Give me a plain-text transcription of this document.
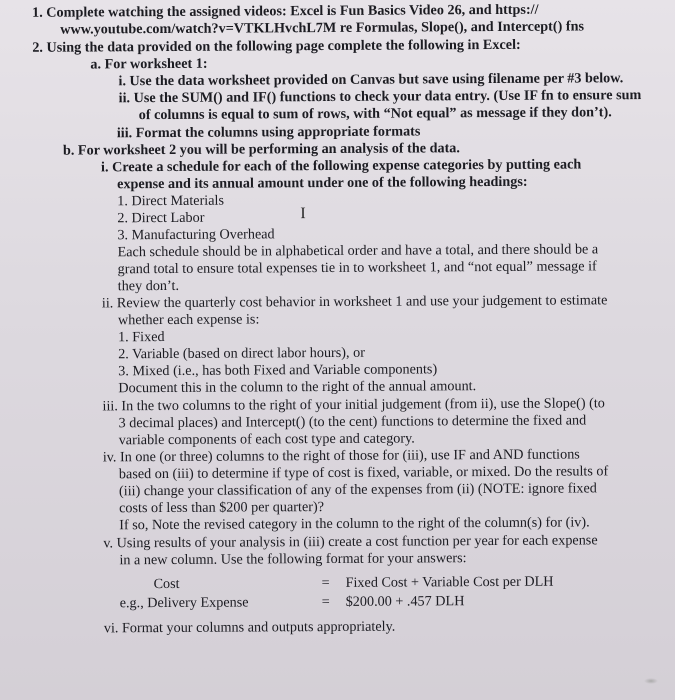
1. Complete watching the assigned videos: Excel is Fun Basics Video 26, and https://
www.youtube.com/watch?v=VTKLHvchL7M re Formulas, Slope(), and Intercept() fns
2. Using the data provided on the following page complete the following in Excel:
a. For worksheet 1:
i. Use the data worksheet provided on Canvas but save using filename per #3 below.
ii. Use the SUM() and IF() functions to check your data entry. (Use IF fn to ensure sum
of columns is equal to sum of rows, with “Not equal” as message if they don’t).
iii. Format the columns using appropriate formats
b. For worksheet 2 you will be performing an analysis of the data.
i. Create a schedule for each of the following expense categories by putting each
expense and its annual amount under one of the following headings:
1. Direct Materials
2. Direct Labor
3. Manufacturing Overhead
Each schedule should be in alphabetical order and have a total, and there should be a
grand total to ensure total expenses tie in to worksheet 1, and “not equal” message if
they don’t.
ii. Review the quarterly cost behavior in worksheet 1 and use your judgement to estimate
whether each expense is:
1. Fixed
2. Variable (based on direct labor hours), or
3. Mixed (i.e., has both Fixed and Variable components)
Document this in the column to the right of the annual amount.
iii. In the two columns to the right of your initial judgement (from ii), use the Slope() (to
3 decimal places) and Intercept() (to the cent) functions to determine the fixed and
variable components of each cost type and category.
iv. In one (or three) columns to the right of those for (iii), use IF and AND functions
based on (iii) to determine if type of cost is fixed, variable, or mixed. Do the results of
(iii) change your classification of any of the expenses from (ii) (NOTE: ignore fixed
costs of less than $200 per quarter)?
If so, Note the revised category in the column to the right of the column(s) for (iv).
v. Using results of your analysis in (iii) create a cost function per year for each expense
in a new column. Use the following format for your answers:
Cost	= Fixed Cost + Variable Cost per DLH
e.g., Delivery Expense	= $200.00 + .457 DLH
vi. Format your columns and outputs appropriately.
I
